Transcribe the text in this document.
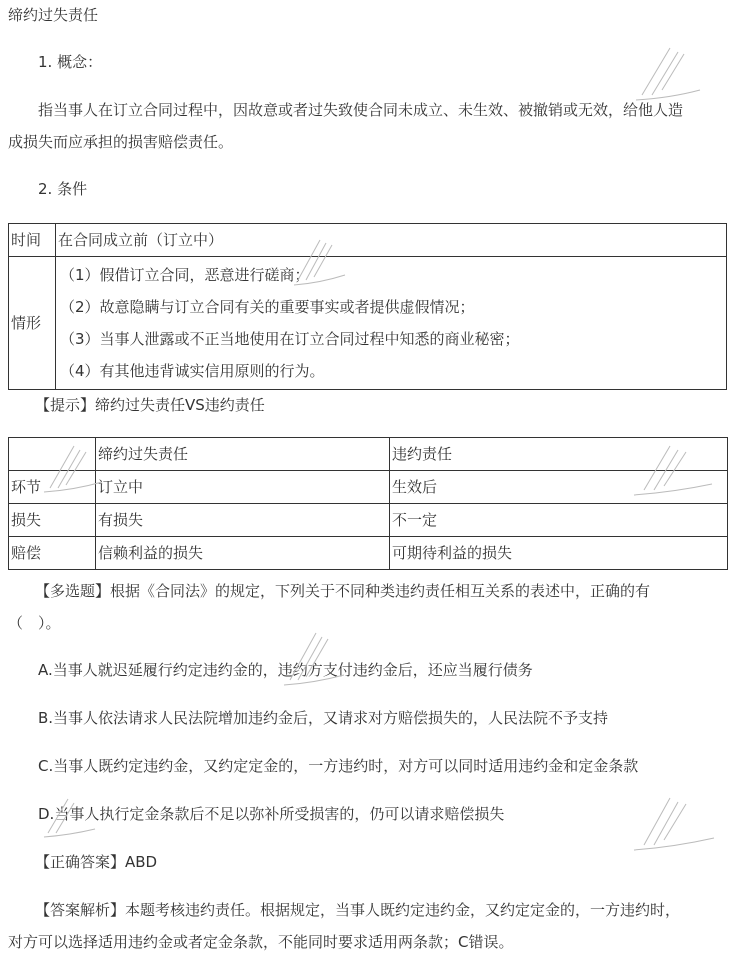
缔约过失责任
1. 概念：
指当事人在订立合同过程中，因故意或者过失致使合同未成立、未生效、被撤销或无效，给他人造
成损失而应承担的损害赔偿责任。
2. 条件
时间	在合同成立前（订立中）
情形	（1）假借订立合同，恶意进行磋商；
（2）故意隐瞒与订立合同有关的重要事实或者提供虚假情况；
（3）当事人泄露或不正当地使用在订立合同过程中知悉的商业秘密；
（4）有其他违背诚实信用原则的行为。
【提示】缔约过失责任VS违约责任
	缔约过失责任	违约责任
环节	订立中	生效后
损失	有损失	不一定
赔偿	信赖利益的损失	可期待利益的损失
【多选题】根据《合同法》的规定，下列关于不同种类违约责任相互关系的表述中，正确的有
（　）。
A.当事人就迟延履行约定违约金的，违约方支付违约金后，还应当履行债务
B.当事人依法请求人民法院增加违约金后，又请求对方赔偿损失的，人民法院不予支持
C.当事人既约定违约金，又约定定金的，一方违约时，对方可以同时适用违约金和定金条款
D.当事人执行定金条款后不足以弥补所受损害的，仍可以请求赔偿损失
【正确答案】ABD
【答案解析】本题考核违约责任。根据规定，当事人既约定违约金，又约定定金的，一方违约时，
对方可以选择适用违约金或者定金条款，不能同时要求适用两条款；C错误。
